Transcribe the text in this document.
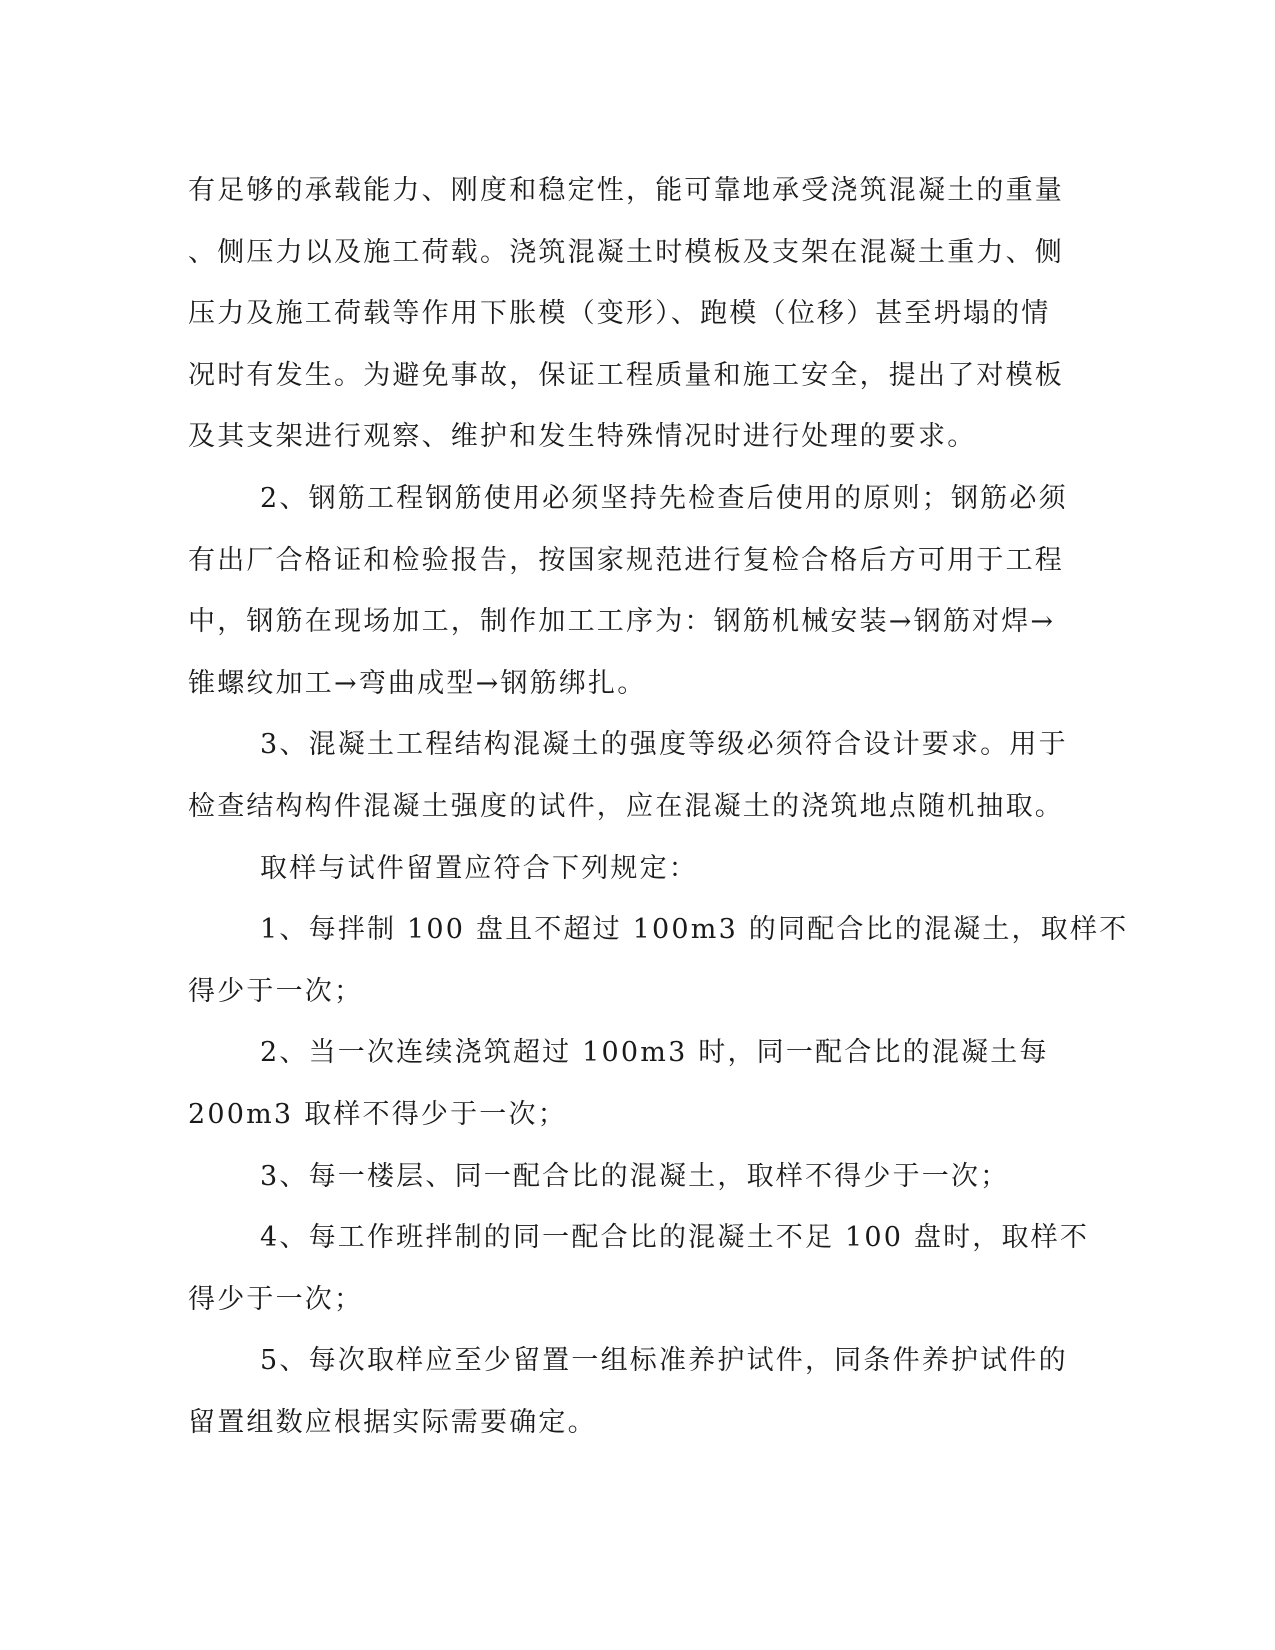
有足够的承载能力、刚度和稳定性，能可靠地承受浇筑混凝土的重量
、侧压力以及施工荷载。浇筑混凝土时模板及支架在混凝土重力、侧
压力及施工荷载等作用下胀模（变形）、跑模（位移）甚至坍塌的情
况时有发生。为避免事故，保证工程质量和施工安全，提出了对模板
及其支架进行观察、维护和发生特殊情况时进行处理的要求。
2、钢筋工程钢筋使用必须坚持先检查后使用的原则；钢筋必须
有出厂合格证和检验报告，按国家规范进行复检合格后方可用于工程
中，钢筋在现场加工，制作加工工序为：钢筋机械安装→钢筋对焊→
锥螺纹加工→弯曲成型→钢筋绑扎。
3、混凝土工程结构混凝土的强度等级必须符合设计要求。用于
检查结构构件混凝土强度的试件，应在混凝土的浇筑地点随机抽取。
取样与试件留置应符合下列规定：
1、每拌制 100 盘且不超过 100m3 的同配合比的混凝土，取样不
得少于一次；
2、当一次连续浇筑超过 100m3 时，同一配合比的混凝土每
200m3 取样不得少于一次；
3、每一楼层、同一配合比的混凝土，取样不得少于一次；
4、每工作班拌制的同一配合比的混凝土不足 100 盘时，取样不
得少于一次；
5、每次取样应至少留置一组标准养护试件，同条件养护试件的
留置组数应根据实际需要确定。
